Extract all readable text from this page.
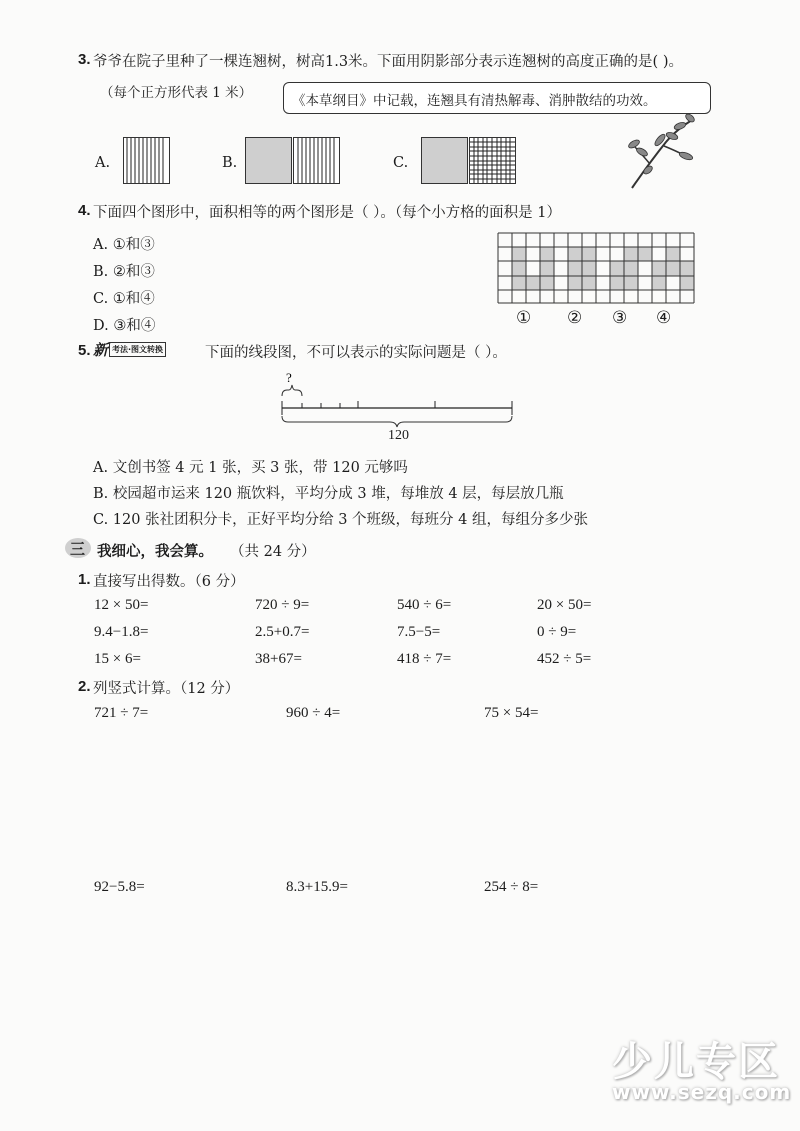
3. 爷爷在院子里种了一棵连翘树，树高1.3米。下面用阴影部分表示连翘树的高度正确的是( )。
（每个正方形代表 1 米）	《本草纲目》中记载，连翘具有清热解毒、消肿散结的功效。
A.	B.	C.
4. 下面四个图形中，面积相等的两个图形是（ ）。（每个小方格的面积是 1）
A. ①和③
B. ②和③
C. ①和④
D. ③和④	① ② ③ ④
5. 新 考法·图文转换	下面的线段图，不可以表示的实际问题是（ ）。
?
120
A. 文创书签 4 元 1 张，买 3 张，带 120 元够吗
B. 校园超市运来 120 瓶饮料，平均分成 3 堆，每堆放 4 层，每层放几瓶
C. 120 张社团积分卡，正好平均分给 3 个班级，每班分 4 组，每组分多少张
三 我细心，我会算。 （共 24 分）
1. 直接写出得数。（6 分）
12 × 50=	720 ÷ 9=	540 ÷ 6=	20 × 50=
9.4−1.8=	2.5+0.7=	7.5−5=	0 ÷ 9=
15 × 6=	38+67=	418 ÷ 7=	452 ÷ 5=
2. 列竖式计算。（12 分）
721 ÷ 7=	960 ÷ 4=	75 × 54=
92−5.8=	8.3+15.9=	254 ÷ 8=
少儿专区
www.sezq.com
